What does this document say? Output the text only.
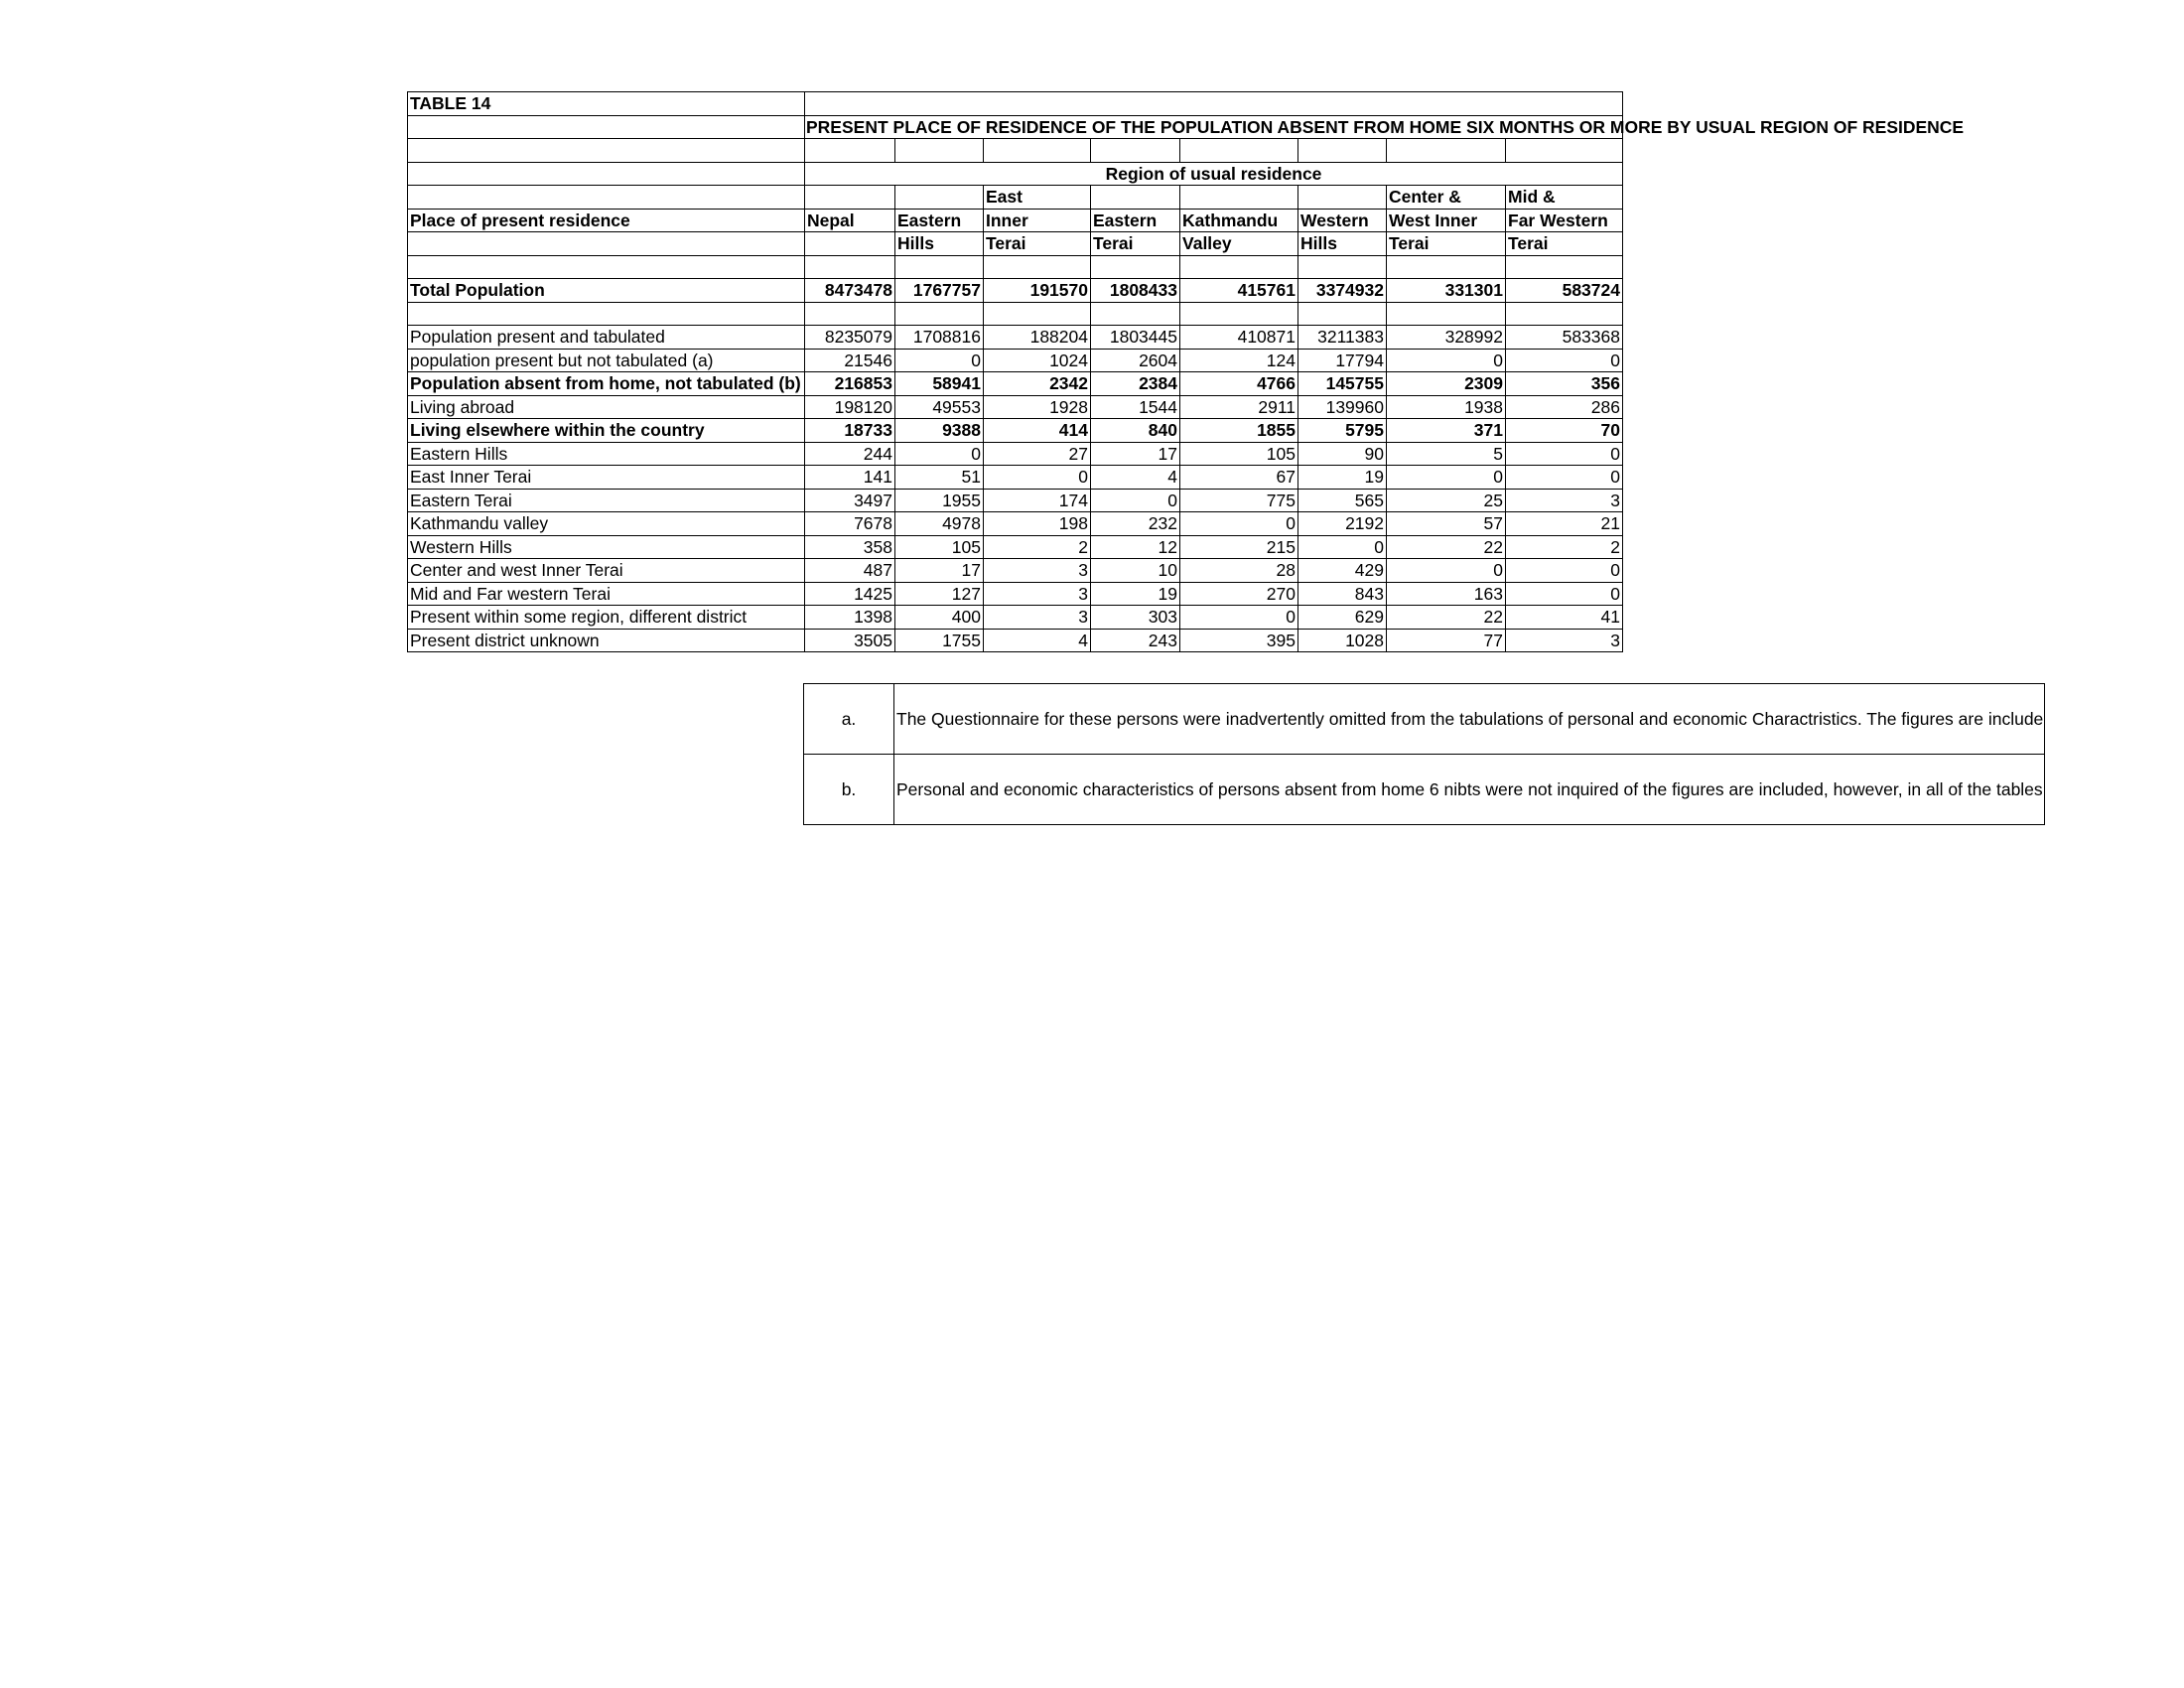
TABLE 14								

	PRESENT PLACE OF RESIDENCE OF THE POPULATION ABSENT FROM HOME SIX MONTHS OR MORE BY USUAL REGION OF RESIDENCE							

	Region of usual residence							
			East				Center &	Mid &
Place of present residence	Nepal	Eastern	Inner	Eastern	Kathmandu	Western	West Inner	Far Western
		Hills	Terai	Terai	Valley	Hills	Terai	Terai

Total Population	8473478	1767757	191570	1808433	415761	3374932	331301	583724

Population present and tabulated	8235079	1708816	188204	1803445	410871	3211383	328992	583368
population present but not tabulated (a)	21546	0	1024	2604	124	17794	0	0
Population absent from home, not tabulated (b)	216853	58941	2342	2384	4766	145755	2309	356
Living abroad	198120	49553	1928	1544	2911	139960	1938	286
Living elsewhere within the country	18733	9388	414	840	1855	5795	371	70
Eastern Hills	244	0	27	17	105	90	5	0
East Inner Terai	141	51	0	4	67	19	0	0
Eastern Terai	3497	1955	174	0	775	565	25	3
Kathmandu valley	7678	4978	198	232	0	2192	57	21
Western Hills	358	105	2	12	215	0	22	2
Center and west Inner Terai	487	17	3	10	28	429	0	0
Mid and Far western Terai	1425	127	3	19	270	843	163	0
Present within some region, different district	1398	400	3	303	0	629	22	41
Present district unknown	3505	1755	4	243	395	1028	77	3
a.	The Questionnaire for these persons were inadvertently omitted from the tabulations of personal and economic Charactristics. The figures are include
b.	Personal and economic characteristics of persons absent from home 6 nibts were not inquired of the figures are included, however, in all of the tables
